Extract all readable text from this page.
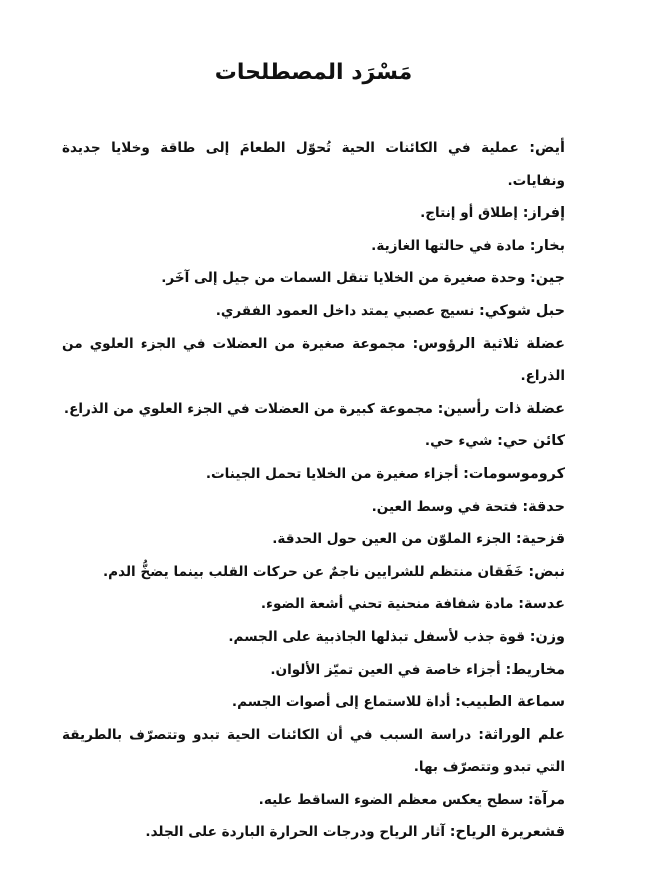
مَسْرَد المصطلحات
أيض: عملية في الكائنات الحية تُحوّل الطعامَ إلى طاقة وخلايا جديدة ونفايات.
إفراز: إطلاق أو إنتاج.
بخار: مادة في حالتها الغازية.
جين: وحدة صغيرة من الخلايا تنقل السمات من جيل إلى آخَر.
حبل شوكي: نسيج عصبي يمتد داخل العمود الفقري.
عضلة ثلاثية الرؤوس: مجموعة صغيرة من العضلات في الجزء العلوي من الذراع.
عضلة ذات رأسين: مجموعة كبيرة من العضلات في الجزء العلوي من الذراع.
كائن حي: شيء حي.
كروموسومات: أجزاء صغيرة من الخلايا تحمل الجينات.
حدقة: فتحة في وسط العين.
قزحية: الجزء الملوّن من العين حول الحدقة.
نبض: خَفَقان منتظم للشرايين ناجمٌ عن حركات القلب بينما يضخُّ الدم.
عدسة: مادة شفافة منحنية تحني أشعة الضوء.
وزن: قوة جذب لأسفل تبذلها الجاذبية على الجسم.
مخاريط: أجزاء خاصة في العين تميّز الألوان.
سماعة الطبيب: أداة للاستماع إلى أصوات الجسم.
علم الوراثة: دراسة السبب في أن الكائنات الحية تبدو وتتصرّف بالطريقة التي تبدو وتتصرّف بها.
مرآة: سطح يعكس معظم الضوء الساقط عليه.
قشعريرة الرياح: آثار الرياح ودرجات الحرارة الباردة على الجلد.
